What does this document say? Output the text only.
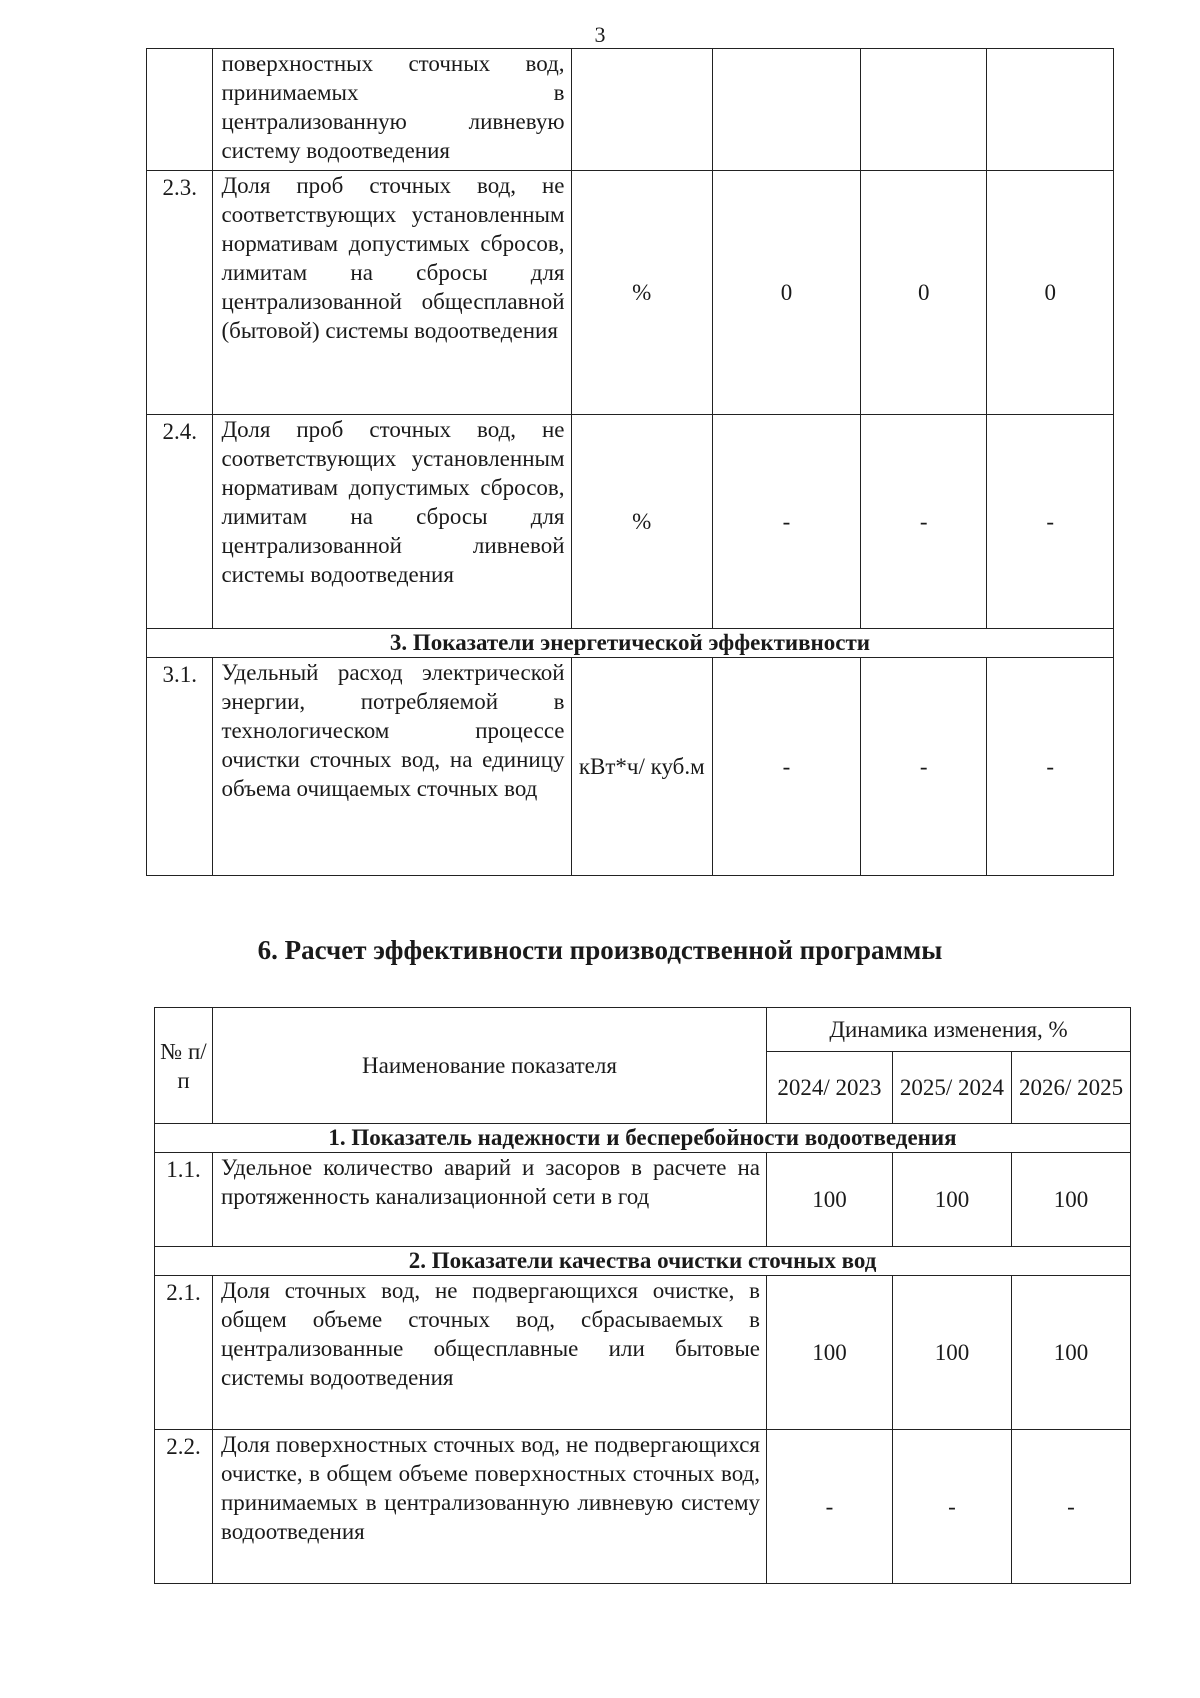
3
	поверхностных сточных вод, принимаемых в централизованную ливневую систему водоотведения				
2.3.	Доля проб сточных вод, не соответствующих установленным нормативам допустимых сбросов, лимитам на сбросы для централизованной общесплавной (бытовой) системы водоотведения	%	0	0	0
2.4.	Доля проб сточных вод, не соответствующих установленным нормативам допустимых сбросов, лимитам на сбросы для централизованной ливневой системы водоотведения	%	-	-	-
3. Показатели энергетической эффективности					
3.1.	Удельный расход электрической энергии, потребляемой в технологическом процессе очистки сточных вод, на единицу объема очищаемых сточных вод	кВт*ч/ куб.м	-	-	-
6. Расчет эффективности производственной программы
№ п/п	Наименование показателя	Динамика изменения, %		
		2024/ 2023	2025/ 2024	2026/ 2025
1. Показатель надежности и бесперебойности водоотведения				
1.1.	Удельное количество аварий и засоров в расчете на протяженность канализационной сети в год	100	100	100
2. Показатели качества очистки сточных вод				
2.1.	Доля сточных вод, не подвергающихся очистке, в общем объеме сточных вод, сбрасываемых в централизованные общесплавные или бытовые системы водоотведения	100	100	100
2.2.	Доля поверхностных сточных вод, не подвергающихся очистке, в общем объеме поверхностных сточных вод, принимаемых в централизованную ливневую систему водоотведения	-	-	-
